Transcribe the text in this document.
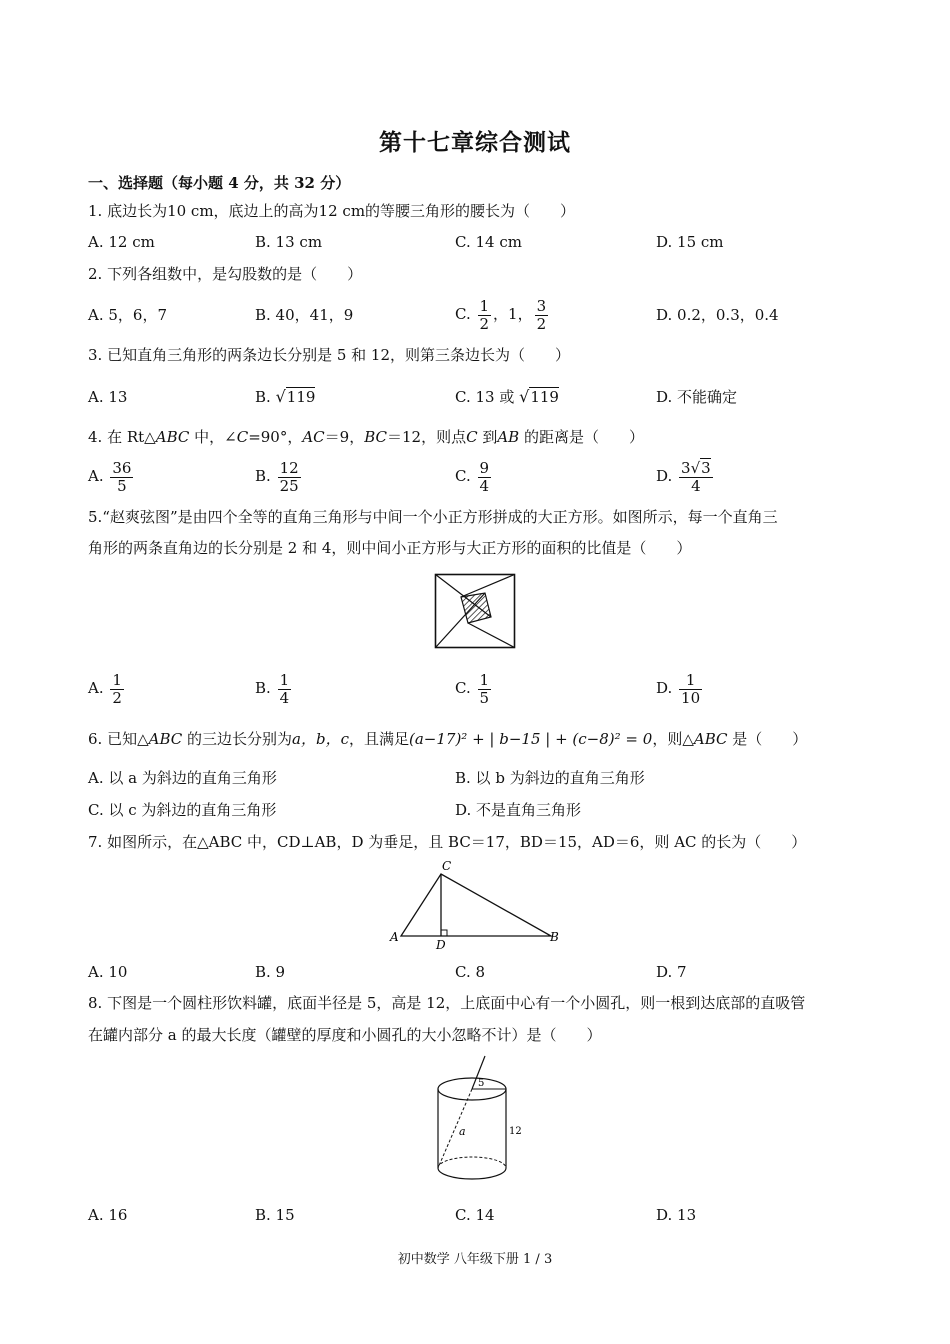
第十七章综合测试
一、选择题（每小题 4 分，共 32 分）
1. 底边长为10 cm，底边上的高为12 cm的等腰三角形的腰长为（　　）
A. 12 cm	B. 13 cm	C. 14 cm	D. 15 cm
2. 下列各组数中，是勾股数的是（　　）
A. 5，6，7	B. 40，41，9	C. $\frac{1}{2}$ ，1， $\frac{3}{2}$	D. 0.2，0.3，0.4
3. 已知直角三角形的两条边长分别是 5 和 12，则第三条边长为（　　）
A. 13	B. √119	C. 13 或 √119	D. 不能确定
4. 在 Rt△ABC 中，∠C=90°，AC＝9，BC＝12，则点C 到AB 的距离是（　　）
A. $\frac{36}{5}$	B. $\frac{12}{25}$	C. $\frac{9}{4}$	D. $\frac{3√3}{4}$
5.“赵爽弦图”是由四个全等的直角三角形与中间一个小正方形拼成的大正方形。如图所示，每一个直角三
角形的两条直角边的长分别是 2 和 4，则中间小正方形与大正方形的面积的比值是（　　）
A. $\frac{1}{2}$	B. $\frac{1}{4}$	C. $\frac{1}{5}$	D. $\frac{1}{10}$
6. 已知△ABC 的三边长分别为a，b，c，且满足(a−17)² + | b−15 | + (c−8)² = 0，则△ABC 是（　　）
A. 以 a 为斜边的直角三角形	B. 以 b 为斜边的直角三角形
C. 以 c 为斜边的直角三角形	D. 不是直角三角形
7. 如图所示，在△ABC 中，CD⊥AB，D 为垂足，且 BC＝17，BD＝15，AD＝6，则 AC 的长为（　　）
A	B
C
D
A. 10	B. 9	C. 8	D. 7
8. 下图是一个圆柱形饮料罐，底面半径是 5，高是 12，上底面中心有一个小圆孔，则一根到达底部的直吸管
在罐内部分 a 的最大长度（罐壁的厚度和小圆孔的大小忽略不计）是（　　）
5
12
a
A. 16	B. 15	C. 14	D. 13
初中数学 八年级下册 1 / 3
